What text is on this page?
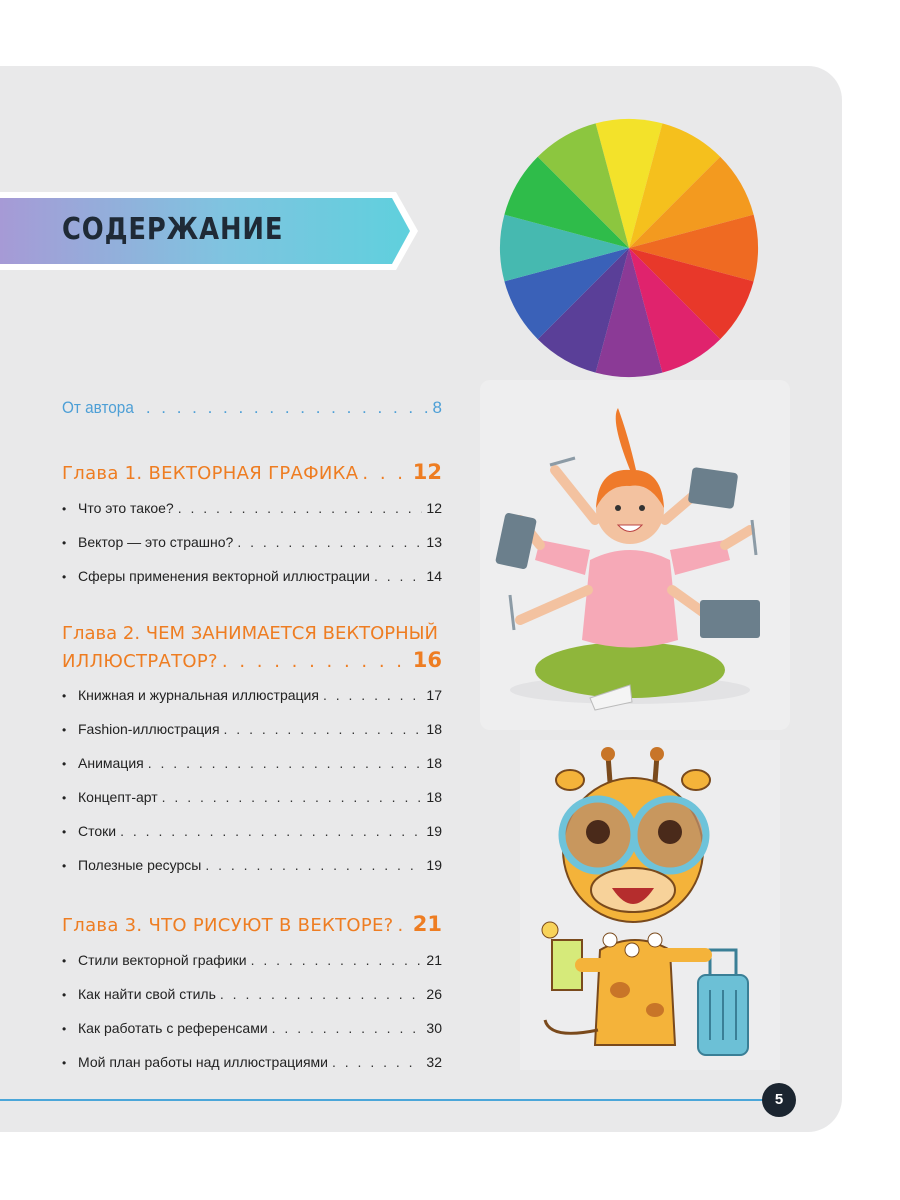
СОДЕРЖАНИЕ
От автора . . .	8
Глава 1. ВЕКТОРНАЯ ГРАФИКА . . .	12
• Что это такое? . . .	12
• Вектор — это страшно? . . .	13
• Сферы применения векторной иллюстрации . . .	14
Глава 2. ЧЕМ ЗАНИМАЕТСЯ ВЕКТОРНЫЙ
ИЛЛЮСТРАТОР? . . .	16
• Книжная и журнальная иллюстрация . . .	17
• Fashion-иллюстрация . . .	18
• Анимация . . .	18
• Концепт-арт . . .	18
• Стоки . . .	19
• Полезные ресурсы . . .	19
Глава 3. ЧТО РИСУЮТ В ВЕКТОРЕ? . . . 21
• Стили векторной графики . . .	21
• Как найти свой стиль . . .	26
• Как работать с референсами . . .	30
• Мой план работы над иллюстрациями . . .	32
5
